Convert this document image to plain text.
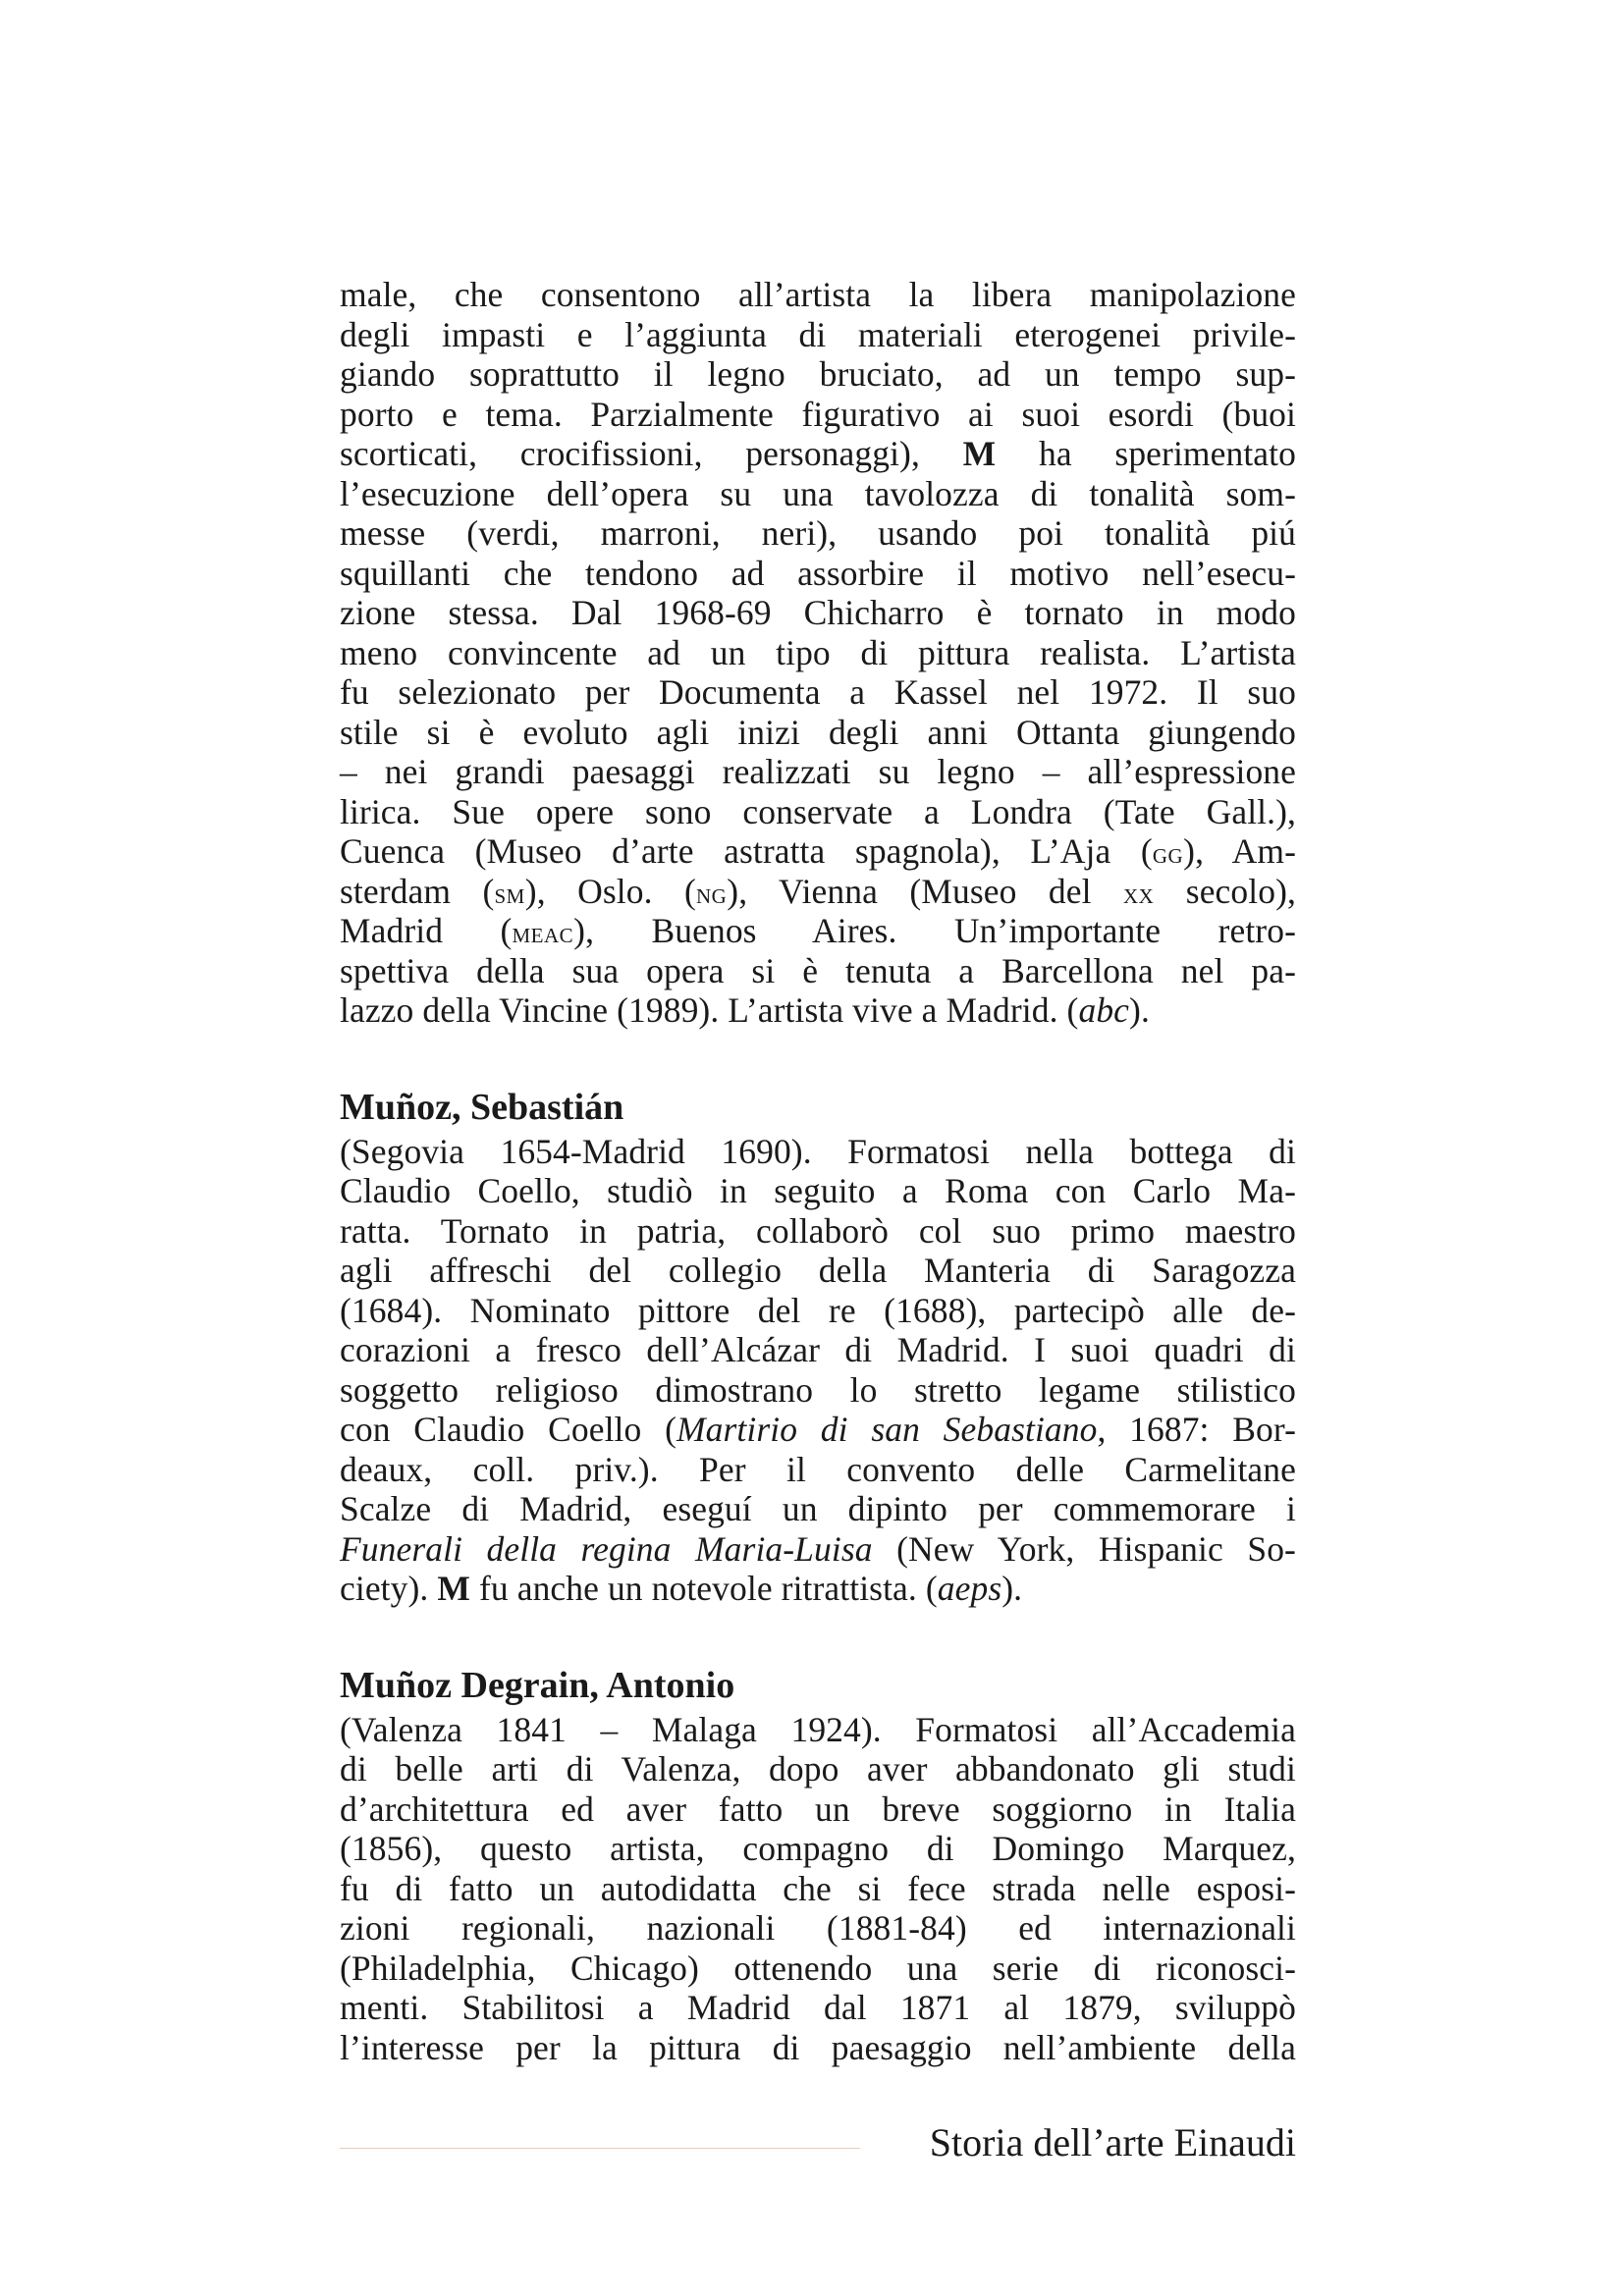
male, che consentono all’artista la libera manipolazione
degli impasti e l’aggiunta di materiali eterogenei privile-
giando soprattutto il legno bruciato, ad un tempo sup-
porto e tema. Parzialmente figurativo ai suoi esordi (buoi
scorticati, crocifissioni, personaggi), M ha sperimentato
l’esecuzione dell’opera su una tavolozza di tonalità som-
messe (verdi, marroni, neri), usando poi tonalità piú
squillanti che tendono ad assorbire il motivo nell’esecu-
zione stessa. Dal 1968-69 Chicharro è tornato in modo
meno convincente ad un tipo di pittura realista. L’artista
fu selezionato per Documenta a Kassel nel 1972. Il suo
stile si è evoluto agli inizi degli anni Ottanta giungendo
– nei grandi paesaggi realizzati su legno – all’espressione
lirica. Sue opere sono conservate a Londra (Tate Gall.),
Cuenca (Museo d’arte astratta spagnola), L’Aja (gg), Am-
sterdam (sm), Oslo. (ng), Vienna (Museo del xx secolo),
Madrid (meac), Buenos Aires. Un’importante retro-
spettiva della sua opera si è tenuta a Barcellona nel pa-
lazzo della Vincine (1989). L’artista vive a Madrid. (abc).
Muñoz, Sebastián
(Segovia 1654-Madrid 1690). Formatosi nella bottega di
Claudio Coello, studiò in seguito a Roma con Carlo Ma-
ratta. Tornato in patria, collaborò col suo primo maestro
agli affreschi del collegio della Manteria di Saragozza
(1684). Nominato pittore del re (1688), partecipò alle de-
corazioni a fresco dell’Alcázar di Madrid. I suoi quadri di
soggetto religioso dimostrano lo stretto legame stilistico
con Claudio Coello (Martirio di san Sebastiano, 1687: Bor-
deaux, coll. priv.). Per il convento delle Carmelitane
Scalze di Madrid, eseguí un dipinto per commemorare i
Funerali della regina Maria-Luisa (New York, Hispanic So-
ciety). M fu anche un notevole ritrattista. (aeps).
Muñoz Degrain, Antonio
(Valenza 1841 – Malaga 1924). Formatosi all’Accademia
di belle arti di Valenza, dopo aver abbandonato gli studi
d’architettura ed aver fatto un breve soggiorno in Italia
(1856), questo artista, compagno di Domingo Marquez,
fu di fatto un autodidatta che si fece strada nelle esposi-
zioni regionali, nazionali (1881-84) ed internazionali
(Philadelphia, Chicago) ottenendo una serie di riconosci-
menti. Stabilitosi a Madrid dal 1871 al 1879, sviluppò
l’interesse per la pittura di paesaggio nell’ambiente della
Storia dell’arte Einaudi
